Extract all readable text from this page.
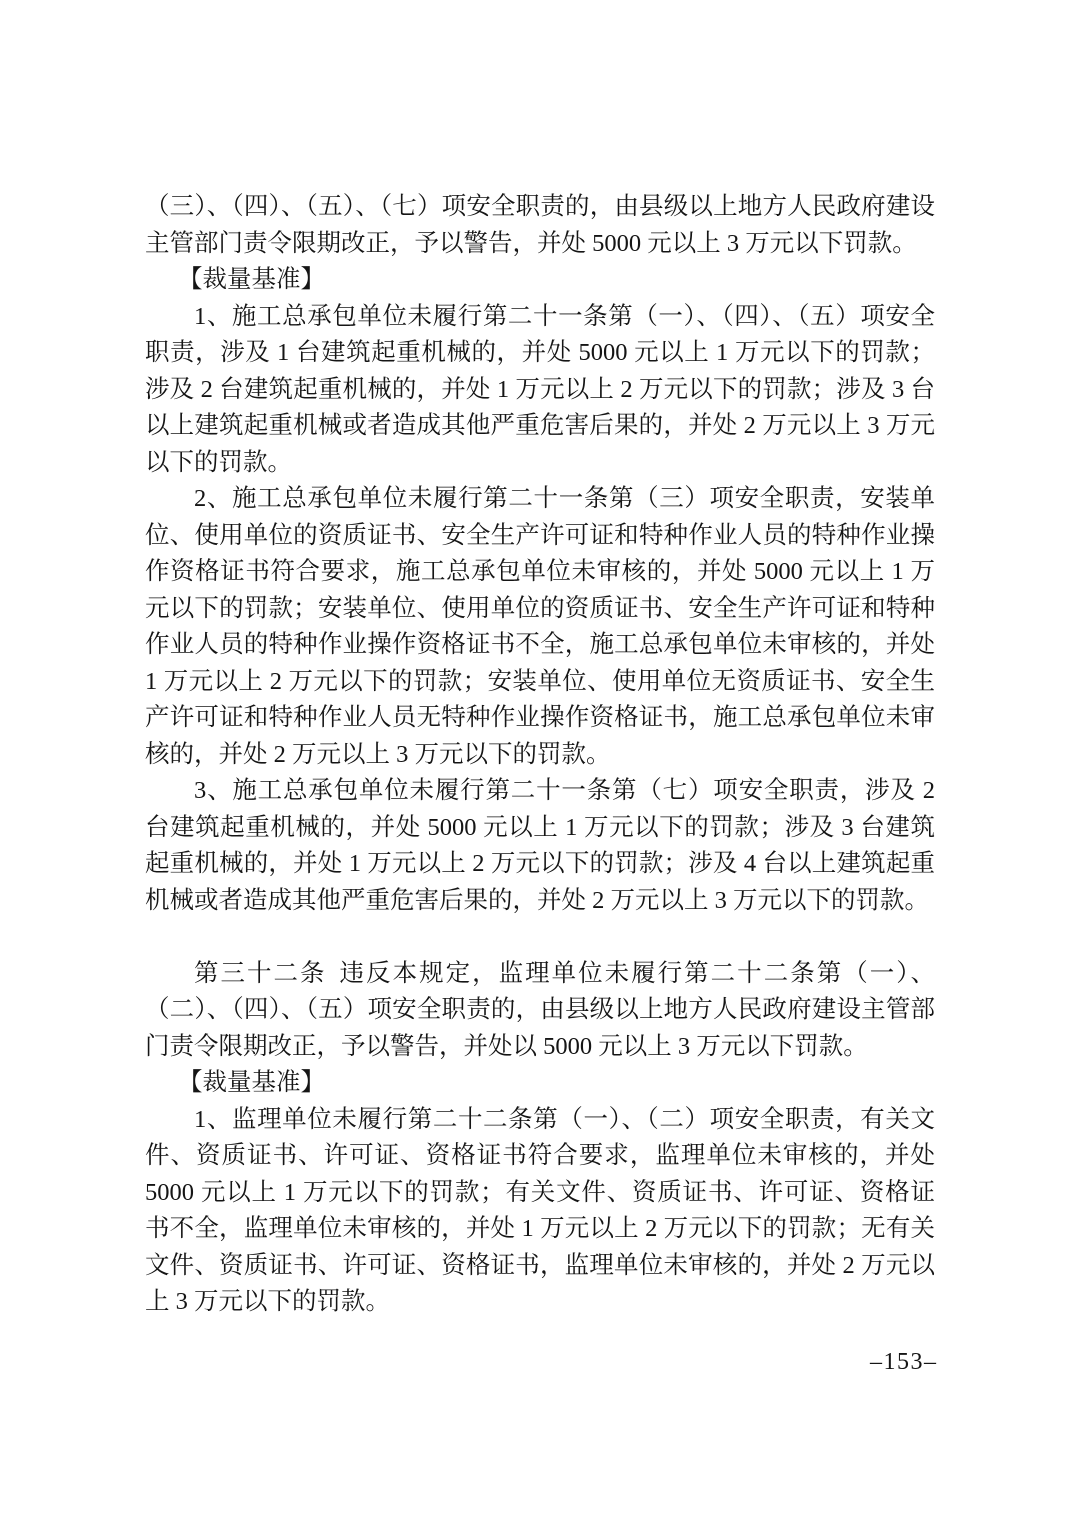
（三）、（四）、（五）、（七）项安全职责的，由县级以上地方人民政府建设主管部门责令限期改正，予以警告，并处 5000 元以上 3 万元以下罚款。

【裁量基准】

1、施工总承包单位未履行第二十一条第（一）、（四）、（五）项安全职责，涉及 1 台建筑起重机械的，并处 5000 元以上 1 万元以下的罚款；涉及 2 台建筑起重机械的，并处 1 万元以上 2 万元以下的罚款；涉及 3 台以上建筑起重机械或者造成其他严重危害后果的，并处 2 万元以上 3 万元以下的罚款。

2、施工总承包单位未履行第二十一条第（三）项安全职责，安装单位、使用单位的资质证书、安全生产许可证和特种作业人员的特种作业操作资格证书符合要求，施工总承包单位未审核的，并处 5000 元以上 1 万元以下的罚款；安装单位、使用单位的资质证书、安全生产许可证和特种作业人员的特种作业操作资格证书不全，施工总承包单位未审核的，并处 1 万元以上 2 万元以下的罚款；安装单位、使用单位无资质证书、安全生产许可证和特种作业人员无特种作业操作资格证书，施工总承包单位未审核的，并处 2 万元以上 3 万元以下的罚款。

3、施工总承包单位未履行第二十一条第（七）项安全职责，涉及 2 台建筑起重机械的，并处 5000 元以上 1 万元以下的罚款；涉及 3 台建筑起重机械的，并处 1 万元以上 2 万元以下的罚款；涉及 4 台以上建筑起重机械或者造成其他严重危害后果的，并处 2 万元以上 3 万元以下的罚款。

第三十二条 违反本规定，监理单位未履行第二十二条第（一）、（二）、（四）、（五）项安全职责的，由县级以上地方人民政府建设主管部门责令限期改正，予以警告，并处以 5000 元以上 3 万元以下罚款。

【裁量基准】

1、监理单位未履行第二十二条第（一）、（二）项安全职责，有关文件、资质证书、许可证、资格证书符合要求，监理单位未审核的，并处 5000 元以上 1 万元以下的罚款；有关文件、资质证书、许可证、资格证书不全，监理单位未审核的，并处 1 万元以上 2 万元以下的罚款；无有关文件、资质证书、许可证、资格证书，监理单位未审核的，并处 2 万元以上 3 万元以下的罚款。

–153–
